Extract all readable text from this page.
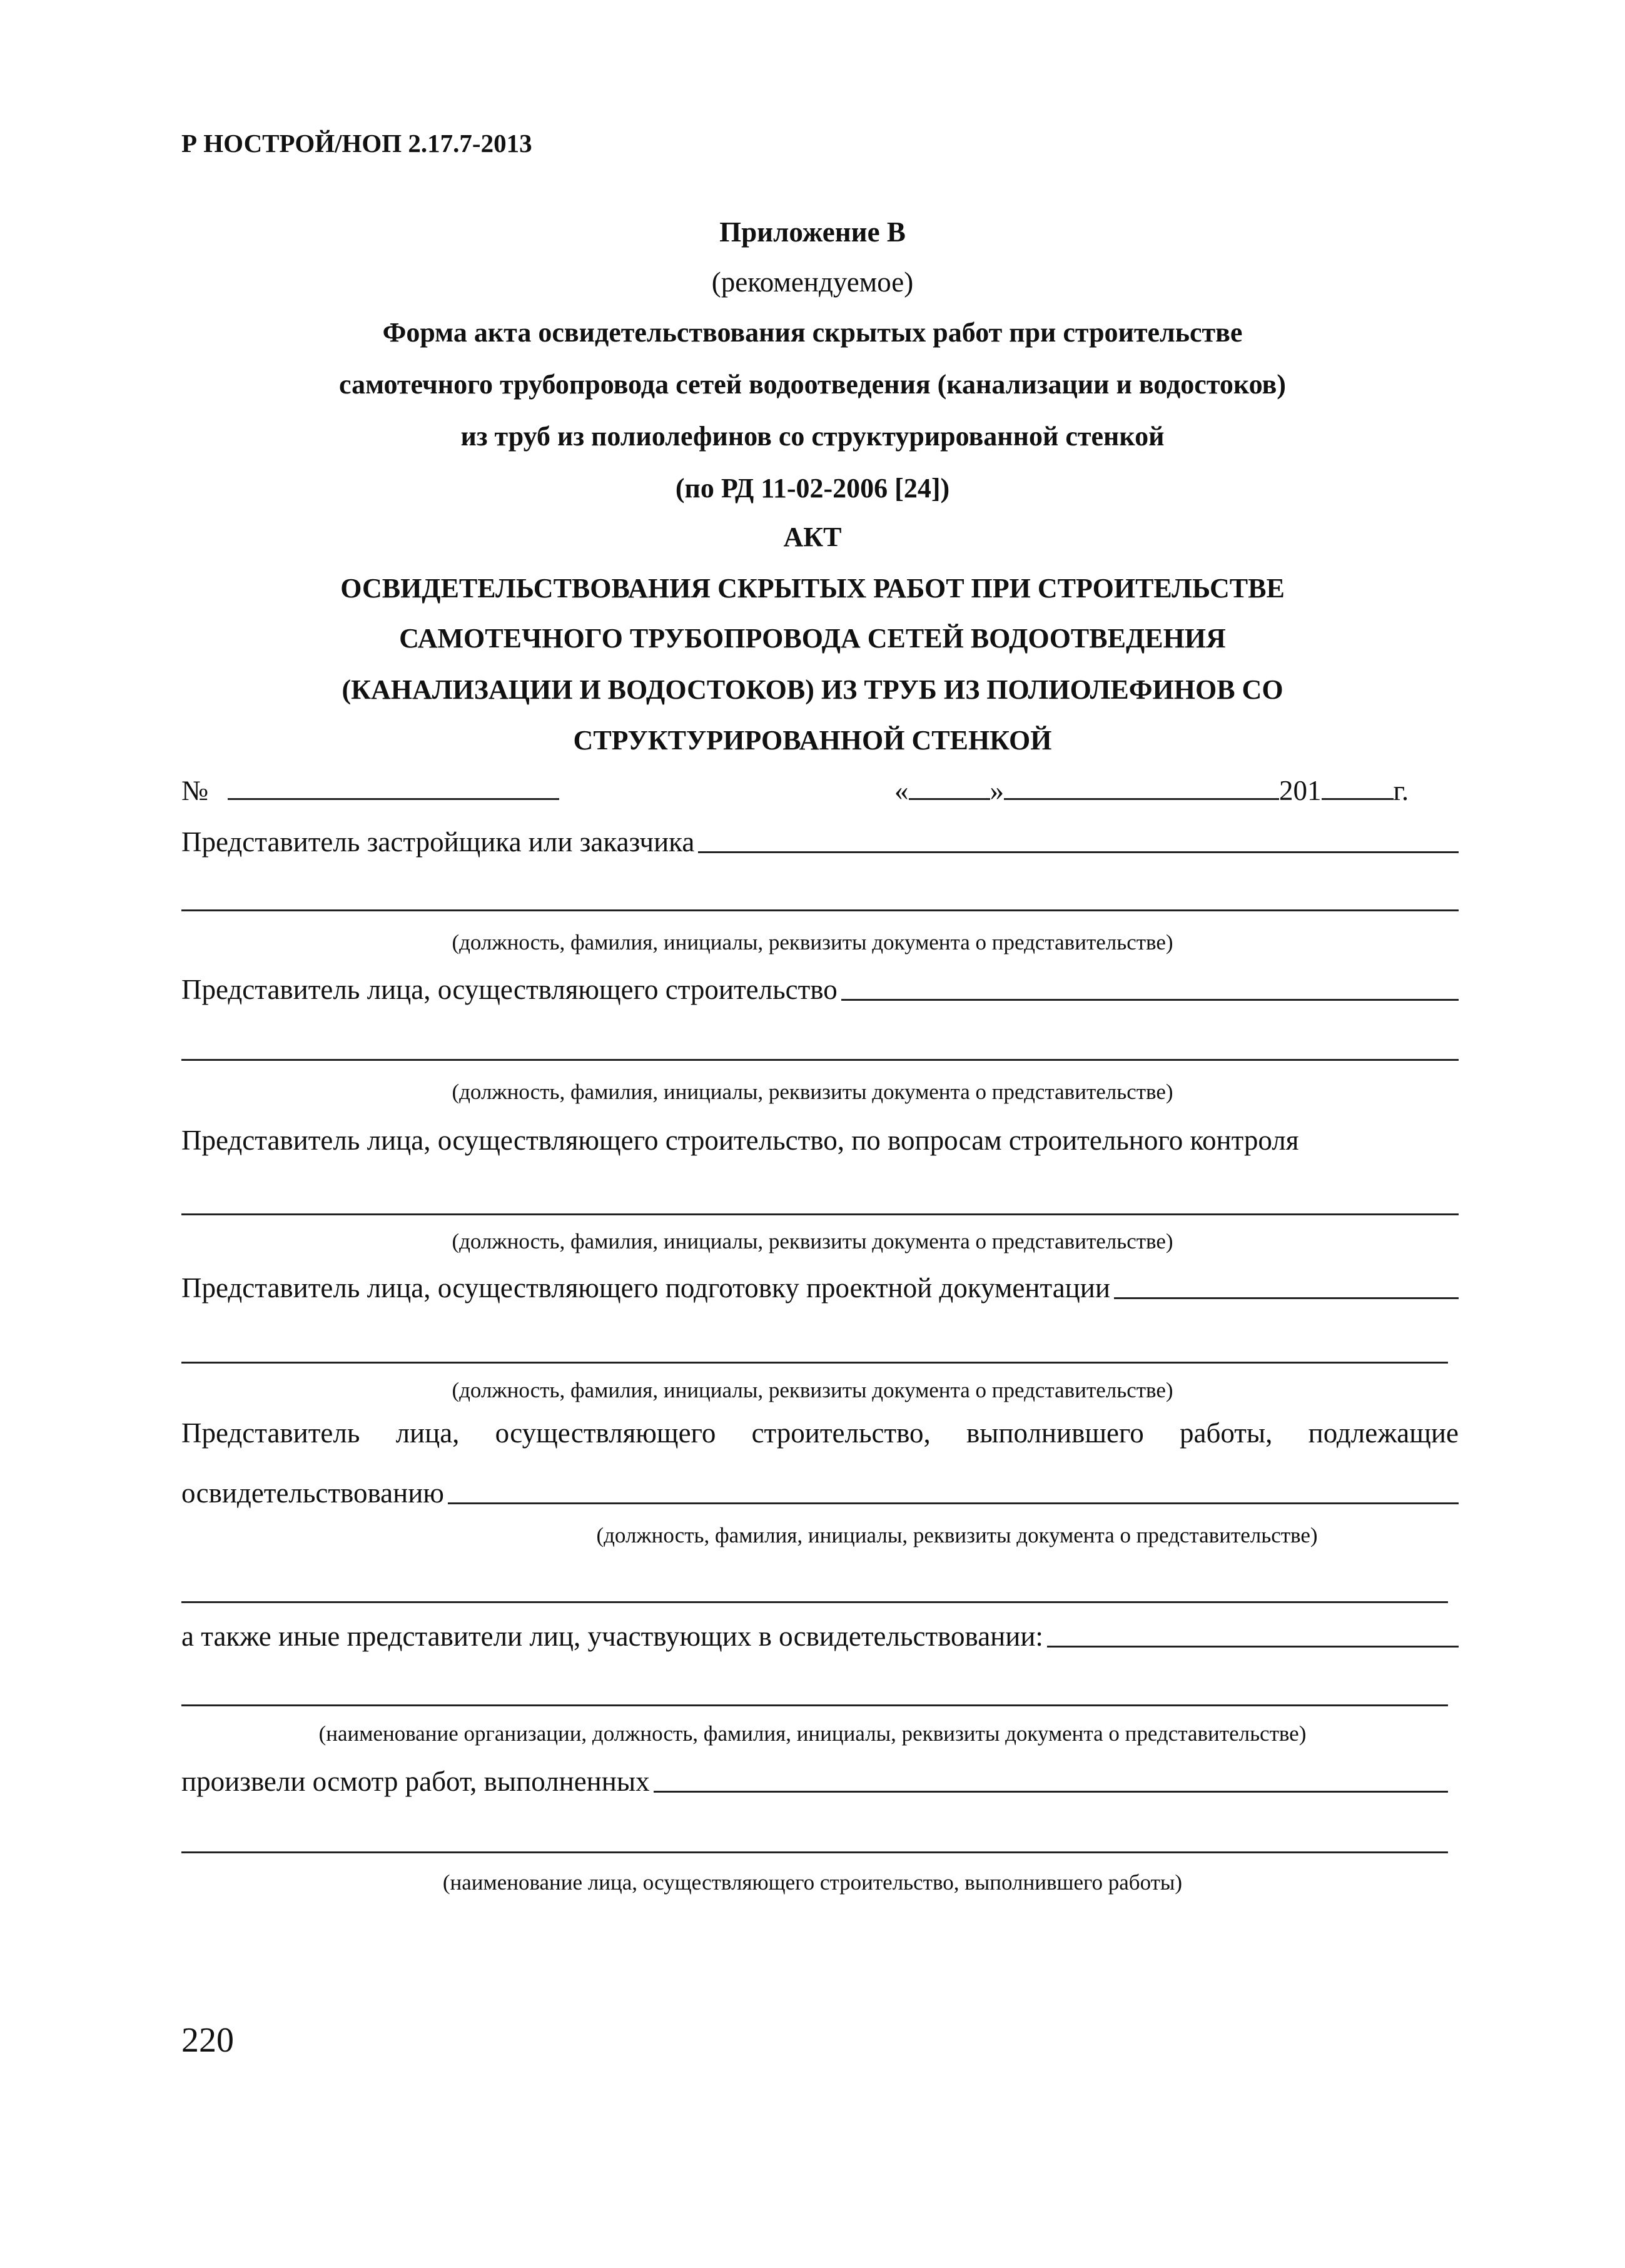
Р НОСТРОЙ/НОП 2.17.7-2013
Приложение В
(рекомендуемое)
Форма акта освидетельствования скрытых работ при строительстве
самотечного трубопровода сетей водоотведения (канализации и водостоков)
из труб из полиолефинов со структурированной стенкой
(по РД 11-02-2006 [24])
АКТ
ОСВИДЕТЕЛЬСТВОВАНИЯ СКРЫТЫХ РАБОТ ПРИ СТРОИТЕЛЬСТВЕ
САМОТЕЧНОГО ТРУБОПРОВОДА СЕТЕЙ ВОДООТВЕДЕНИЯ
(КАНАЛИЗАЦИИ И ВОДОСТОКОВ) ИЗ ТРУБ ИЗ ПОЛИОЛЕФИНОВ СО
СТРУКТУРИРОВАННОЙ СТЕНКОЙ
№	«	»	201	г.
Представитель застройщика или заказчика
(должность, фамилия, инициалы, реквизиты документа о представительстве)
Представитель лица, осуществляющего строительство
(должность, фамилия, инициалы, реквизиты документа о представительстве)
Представитель лица, осуществляющего строительство, по вопросам строительного контроля
(должность, фамилия, инициалы, реквизиты документа о представительстве)
Представитель лица, осуществляющего подготовку проектной документации
(должность, фамилия, инициалы, реквизиты документа о представительстве)
Представитель лица, осуществляющего строительство, выполнившего работы, подлежащие
освидетельствованию
(должность, фамилия, инициалы, реквизиты документа о представительстве)
а также иные представители лиц, участвующих в освидетельствовании:
(наименование организации, должность, фамилия, инициалы, реквизиты документа о представительстве)
произвели осмотр работ, выполненных
(наименование лица, осуществляющего строительство, выполнившего работы)
220
